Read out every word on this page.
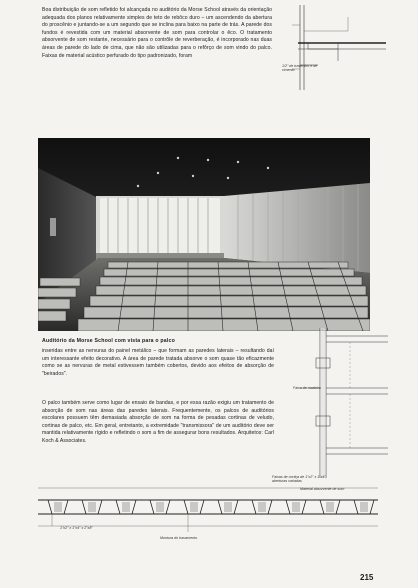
Boa distribuição de som refletido foi alcançada no auditório da Morse School através da orientação adequada dos planos relativamente simples de teto de rebôco duro – um ascendendo da abertura do proscênio e juntando-se a um segundo que se inclina para baixo na parte de trás. A parede dos fundos é revestida com um material absorvente de som para controlar o êco. O tratamento absorvente de som restante, necessário para o contrôle de reverberação, é incorporado nas duas áreas de parede do lado de cima, que não são utilizadas para o refôrço de som vindo do palco. Faixas de material acústico perfurado do tipo padronizado, foram

1/2" de travertino e de cimento
Auditório da Morse School com vista para o palco

inseridas entre as nervuras do painel metálico – que formam as paredes laterais – resultando daí um interessante efeito decorativo. A área de parede tratada absorve o som quase tão eficazmente como se as nervuras de metal estivessem também cobertos, devido aos efeitos de absorção de "beirados".

O palco também serve como lugar de ensaio de bandas, e por essa razão exigiu um tratamento de absorção de som nas áreas das paredes laterais. Frequentemente, os palcos de auditórios escolares possuem têm demasiada absorção de som na forma de pesadas cortinas de veludo, cortinas de palco, etc. Em geral, entretanto, a extremidade "transmissora" de um auditório deve ser mantida relativamente rígido e refletindo o som a fim de assegurar bons resultados. Arquitetos: Carl Koch & Associates.

Faixa de madeira
Faixas de cortiça de 1"x2" x 1"x4", aberturas variadas
Material absorvente de som
1"x2" x 1"x4" x 2"x8"
Montura do travamento
215
